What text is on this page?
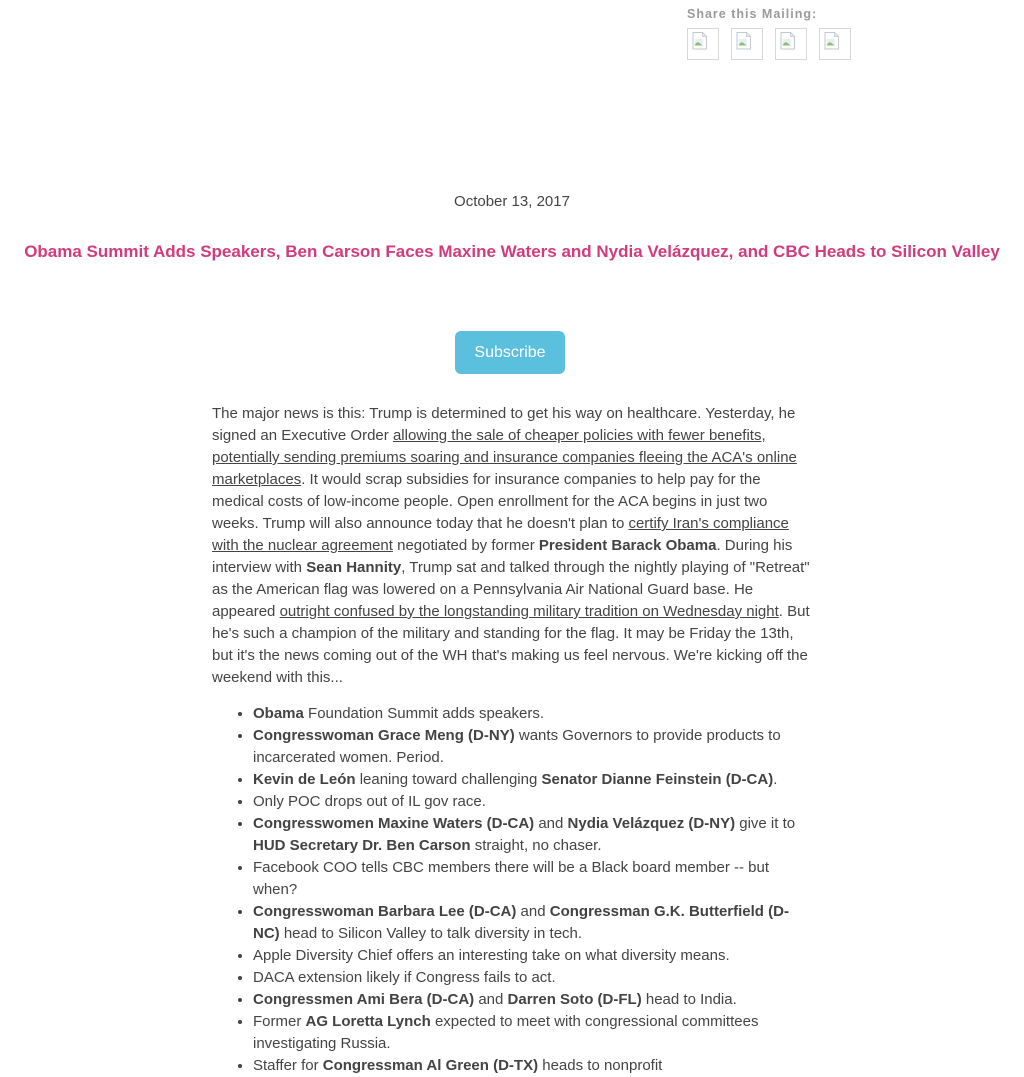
Share this Mailing:
October 13, 2017
Obama Summit Adds Speakers, Ben Carson Faces Maxine Waters and Nydia Velázquez, and CBC Heads to Silicon Valley
Subscribe

The major news is this: Trump is determined to get his way on healthcare. Yesterday, he signed an Executive Order allowing the sale of cheaper policies with fewer benefits, potentially sending premiums soaring and insurance companies fleeing the ACA's online marketplaces. It would scrap subsidies for insurance companies to help pay for the medical costs of low-income people. Open enrollment for the ACA begins in just two weeks. Trump will also announce today that he doesn't plan to certify Iran's compliance with the nuclear agreement negotiated by former President Barack Obama. During his interview with Sean Hannity, Trump sat and talked through the nightly playing of "Retreat" as the American flag was lowered on a Pennsylvania Air National Guard base. He appeared outright confused by the longstanding military tradition on Wednesday night. But he's such a champion of the military and standing for the flag. It may be Friday the 13th, but it's the news coming out of the WH that's making us feel nervous. We're kicking off the weekend with this...

• Obama Foundation Summit adds speakers.
• Congresswoman Grace Meng (D-NY) wants Governors to provide products to incarcerated women. Period.
• Kevin de León leaning toward challenging Senator Dianne Feinstein (D-CA).
• Only POC drops out of IL gov race.
• Congresswomen Maxine Waters (D-CA) and Nydia Velázquez (D-NY) give it to HUD Secretary Dr. Ben Carson straight, no chaser.
• Facebook COO tells CBC members there will be a Black board member -- but when?
• Congresswoman Barbara Lee (D-CA) and Congressman G.K. Butterfield (D-NC) head to Silicon Valley to talk diversity in tech.
• Apple Diversity Chief offers an interesting take on what diversity means.
• DACA extension likely if Congress fails to act.
• Congressmen Ami Bera (D-CA) and Darren Soto (D-FL) head to India.
• Former AG Loretta Lynch expected to meet with congressional committees investigating Russia.
• Staffer for Congressman Al Green (D-TX) heads to nonprofit
